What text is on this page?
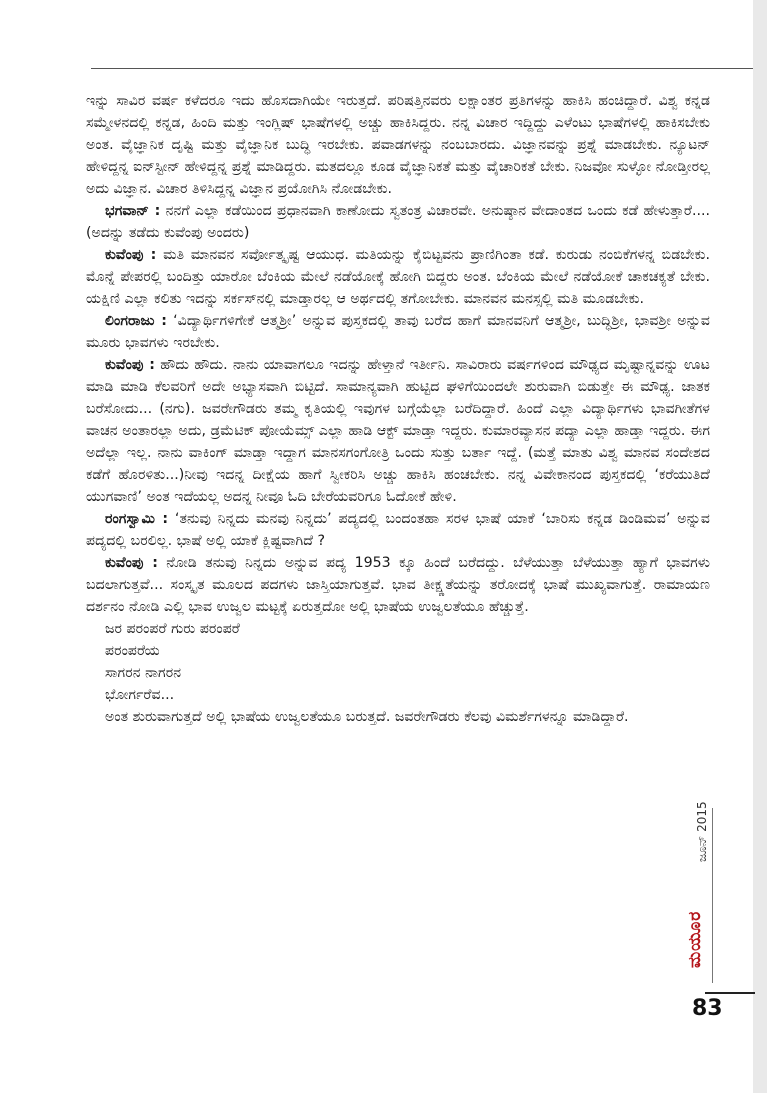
ಇನ್ನು ಸಾವಿರ ವರ್ಷ ಕಳೆದರೂ ಇದು ಹೊಸದಾಗಿಯೇ ಇರುತ್ತದೆ. ಪರಿಷತ್ತಿನವರು ಲಕ್ಷಾಂತರ ಪ್ರತಿಗಳನ್ನು ಹಾಕಿಸಿ ಹಂಚಿದ್ದಾರೆ. ವಿಶ್ವ ಕನ್ನಡ ಸಮ್ಮೇಳನದಲ್ಲಿ ಕನ್ನಡ, ಹಿಂದಿ ಮತ್ತು ಇಂಗ್ಲಿಷ್ ಭಾಷೆಗಳಲ್ಲಿ ಅಚ್ಚು ಹಾಕಿಸಿದ್ದರು. ನನ್ನ ವಿಚಾರ ಇದ್ದಿದ್ದು ಎಳೆಂಟು ಭಾಷೆಗಳಲ್ಲಿ ಹಾಕಿಸಬೇಕು ಅಂತ. ವೈಜ್ಞಾನಿಕ ದೃಷ್ಟಿ ಮತ್ತು ವೈಜ್ಞಾನಿಕ ಬುದ್ಧಿ ಇರಬೇಕು. ಪವಾಡಗಳನ್ನು ನಂಬಬಾರದು. ವಿಜ್ಞಾನವನ್ನು ಪ್ರಶ್ನೆ ಮಾಡಬೇಕು. ನ್ಯೂಟನ್ ಹೇಳಿದ್ದನ್ನ ಐನ್‌ಸ್ಟೀನ್ ಹೇಳಿದ್ದನ್ನ ಪ್ರಶ್ನೆ ಮಾಡಿದ್ದರು. ಮತದಲ್ಲೂ ಕೂಡ ವೈಜ್ಞಾನಿಕತೆ ಮತ್ತು ವೈಚಾರಿಕತೆ ಬೇಕು. ನಿಜವೋ ಸುಳ್ಳೋ ನೋಡ್ತೀರಲ್ಲ ಅದು ವಿಜ್ಞಾನ. ವಿಚಾರ ತಿಳಿಸಿದ್ದನ್ನ ವಿಜ್ಞಾನ ಪ್ರಯೋಗಿಸಿ ನೋಡಬೇಕು.

ಭಗವಾನ್ : ನನಗೆ ಎಲ್ಲಾ ಕಡೆಯಿಂದ ಪ್ರಧಾನವಾಗಿ ಕಾಣೋದು ಸ್ವತಂತ್ರ ವಿಚಾರವೇ. ಅನುಷ್ಠಾನ ವೇದಾಂತದ ಒಂದು ಕಡೆ ಹೇಳುತ್ತಾರೆ.... (ಅದನ್ನು ತಡೆದು ಕುವೆಂಪು ಅಂದರು)

ಕುವೆಂಪು : ಮತಿ ಮಾನವನ ಸರ್ವೋತ್ಕೃಷ್ಟ ಆಯುಧ. ಮತಿಯನ್ನು ಕೈಬಿಟ್ಟವನು ಪ್ರಾಣಿಗಿಂತಾ ಕಡೆ. ಕುರುಡು ನಂಬಿಕೆಗಳನ್ನ ಬಿಡಬೇಕು. ಮೊನ್ನೆ ಪೇಪರಲ್ಲಿ ಬಂದಿತ್ತು ಯಾರೋ ಬೆಂಕಿಯ ಮೇಲೆ ನಡೆಯೋಕ್ಕೆ ಹೋಗಿ ಬಿದ್ದರು ಅಂತ. ಬೆಂಕಿಯ ಮೇಲೆ ನಡೆಯೋಕೆ ಚಾಕಚಕ್ಯತೆ ಬೇಕು. ಯಕ್ಷಿಣಿ ಎಲ್ಲಾ ಕಲಿತು ಇದನ್ನು ಸರ್ಕಸ್‌ನಲ್ಲಿ ಮಾಡ್ತಾರಲ್ಲ ಆ ಅರ್ಥದಲ್ಲಿ ತಗೋಬೇಕು. ಮಾನವನ ಮನಸ್ಸಲ್ಲಿ ಮತಿ ಮೂಡಬೇಕು.

ಲಿಂಗರಾಜು : ‘ವಿದ್ಯಾರ್ಥಿಗಳಿಗೇಕೆ ಆತ್ಮಶ್ರೀ’ ಅನ್ನುವ ಪುಸ್ತಕದಲ್ಲಿ ತಾವು ಬರೆದ ಹಾಗೆ ಮಾನವನಿಗೆ ಆತ್ಮಶ್ರೀ, ಬುದ್ಧಿಶ್ರೀ, ಭಾವಶ್ರೀ ಅನ್ನುವ ಮೂರು ಭಾವಗಳು ಇರಬೇಕು.

ಕುವೆಂಪು : ಹೌದು ಹೌದು. ನಾನು ಯಾವಾಗಲೂ ಇದನ್ನು ಹೇಳ್ತಾನೆ ಇರ್ತೀನಿ. ಸಾವಿರಾರು ವರ್ಷಗಳಿಂದ ಮೌಢ್ಯದ ಮೃಷ್ಟಾನ್ನವನ್ನು ಊಟ ಮಾಡಿ ಮಾಡಿ ಕೆಲವರಿಗೆ ಅದೇ ಅಭ್ಯಾಸವಾಗಿ ಬಿಟ್ಟಿದೆ. ಸಾಮಾನ್ಯವಾಗಿ ಹುಟ್ಟಿದ ಘಳಿಗೆಯಿಂದಲೇ ಶುರುವಾಗಿ ಬಿಡುತ್ತೇ ಈ ಮೌಢ್ಯ. ಜಾತಕ ಬರೆಸೋದು... (ನಗು). ಜವರೇಗೌಡರು ತಮ್ಮ ಕೃತಿಯಲ್ಲಿ ಇವುಗಳ ಬಗ್ಗೆಯೆಲ್ಲಾ ಬರೆದಿದ್ದಾರೆ. ಹಿಂದೆ ಎಲ್ಲಾ ವಿದ್ಯಾರ್ಥಿಗಳು ಭಾವಗೀತೆಗಳ ವಾಚನ ಅಂತಾರಲ್ಲಾ ಅದು, ಡ್ರಮೆಟಿಕ್ ಪೋಯೆಮ್ಸ್ ಎಲ್ಲಾ ಹಾಡಿ ಆಕ್ಟ್ ಮಾಡ್ತಾ ಇದ್ದರು. ಕುಮಾರವ್ಯಾಸನ ಪದ್ಯಾ ಎಲ್ಲಾ ಹಾಡ್ತಾ ಇದ್ದರು. ಈಗ ಅದೆಲ್ಲಾ ಇಲ್ಲ. ನಾನು ವಾಕಿಂಗ್ ಮಾಡ್ತಾ ಇದ್ದಾಗ ಮಾನಸಗಂಗೋತ್ರಿ ಒಂದು ಸುತ್ತು ಬರ್ತಾ ಇದ್ದೆ. (ಮತ್ತೆ ಮಾತು ವಿಶ್ವ ಮಾನವ ಸಂದೇಶದ ಕಡೆಗೆ ಹೊರಳಿತು...)ನೀವು ಇದನ್ನ ದೀಕ್ಷೆಯ ಹಾಗೆ ಸ್ವೀಕರಿಸಿ ಅಚ್ಚು ಹಾಕಿಸಿ ಹಂಚಬೇಕು. ನನ್ನ ವಿವೇಕಾನಂದ ಪುಸ್ತಕದಲ್ಲಿ ‘ಕರೆಯುತಿದೆ ಯುಗವಾಣಿ’ ಅಂತ ಇದೆಯಲ್ಲ ಅದನ್ನ ನೀವೂ ಓದಿ ಬೇರೆಯವರಿಗೂ ಓದೋಕೆ ಹೇಳಿ.

ರಂಗಸ್ವಾಮಿ : ‘ತನುವು ನಿನ್ನದು ಮನವು ನಿನ್ನದು’ ಪದ್ಯದಲ್ಲಿ ಬಂದಂತಹಾ ಸರಳ ಭಾಷೆ ಯಾಕೆ ‘ಬಾರಿಸು ಕನ್ನಡ ಡಿಂಡಿಮವ’ ಅನ್ನುವ ಪದ್ಯದಲ್ಲಿ ಬರಲಿಲ್ಲ. ಭಾಷೆ ಅಲ್ಲಿ ಯಾಕೆ ಕ್ಲಿಷ್ಟವಾಗಿದೆ ?

ಕುವೆಂಪು : ನೋಡಿ ತನುವು ನಿನ್ನದು ಅನ್ನುವ ಪದ್ಯ 1953 ಕ್ಕೂ ಹಿಂದೆ ಬರೆದದ್ದು. ಬೆಳೆಯುತ್ತಾ ಬೆಳೆಯುತ್ತಾ ಹ್ಯಾಗೆ ಭಾವಗಳು ಬದಲಾಗುತ್ತವೆ... ಸಂಸ್ಕೃತ ಮೂಲದ ಪದಗಳು ಜಾಸ್ತಿಯಾಗುತ್ತವೆ. ಭಾವ ತೀಕ್ಷ್ಣತೆಯನ್ನು ತರೋದಕ್ಕೆ ಭಾಷೆ ಮುಖ್ಯವಾಗುತ್ತೆ. ರಾಮಾಯಣ ದರ್ಶನಂ ನೋಡಿ ಎಲ್ಲಿ ಭಾವ ಉಜ್ವಲ ಮಟ್ಟಕ್ಕೆ ಏರುತ್ತದೋ ಅಲ್ಲಿ ಭಾಷೆಯ ಉಜ್ವಲತೆಯೂ ಹೆಚ್ಚುತ್ತೆ.

ಜರ ಪರಂಪರೆ ಗುರು ಪರಂಪರೆ

ಪರಂಪರೆಯ

ಸಾಗರನ ನಾಗರನ

ಭೋರ್ಗರೆವ...

ಅಂತ ಶುರುವಾಗುತ್ತದೆ ಅಲ್ಲಿ ಭಾಷೆಯ ಉಜ್ವಲತೆಯೂ ಬರುತ್ತದೆ. ಜವರೇಗೌಡರು ಕೆಲವು ವಿಮರ್ಶೆಗಳನ್ನೂ ಮಾಡಿದ್ದಾರೆ.

ಜೂನ್ 2015
ಮಯೂರ
83
